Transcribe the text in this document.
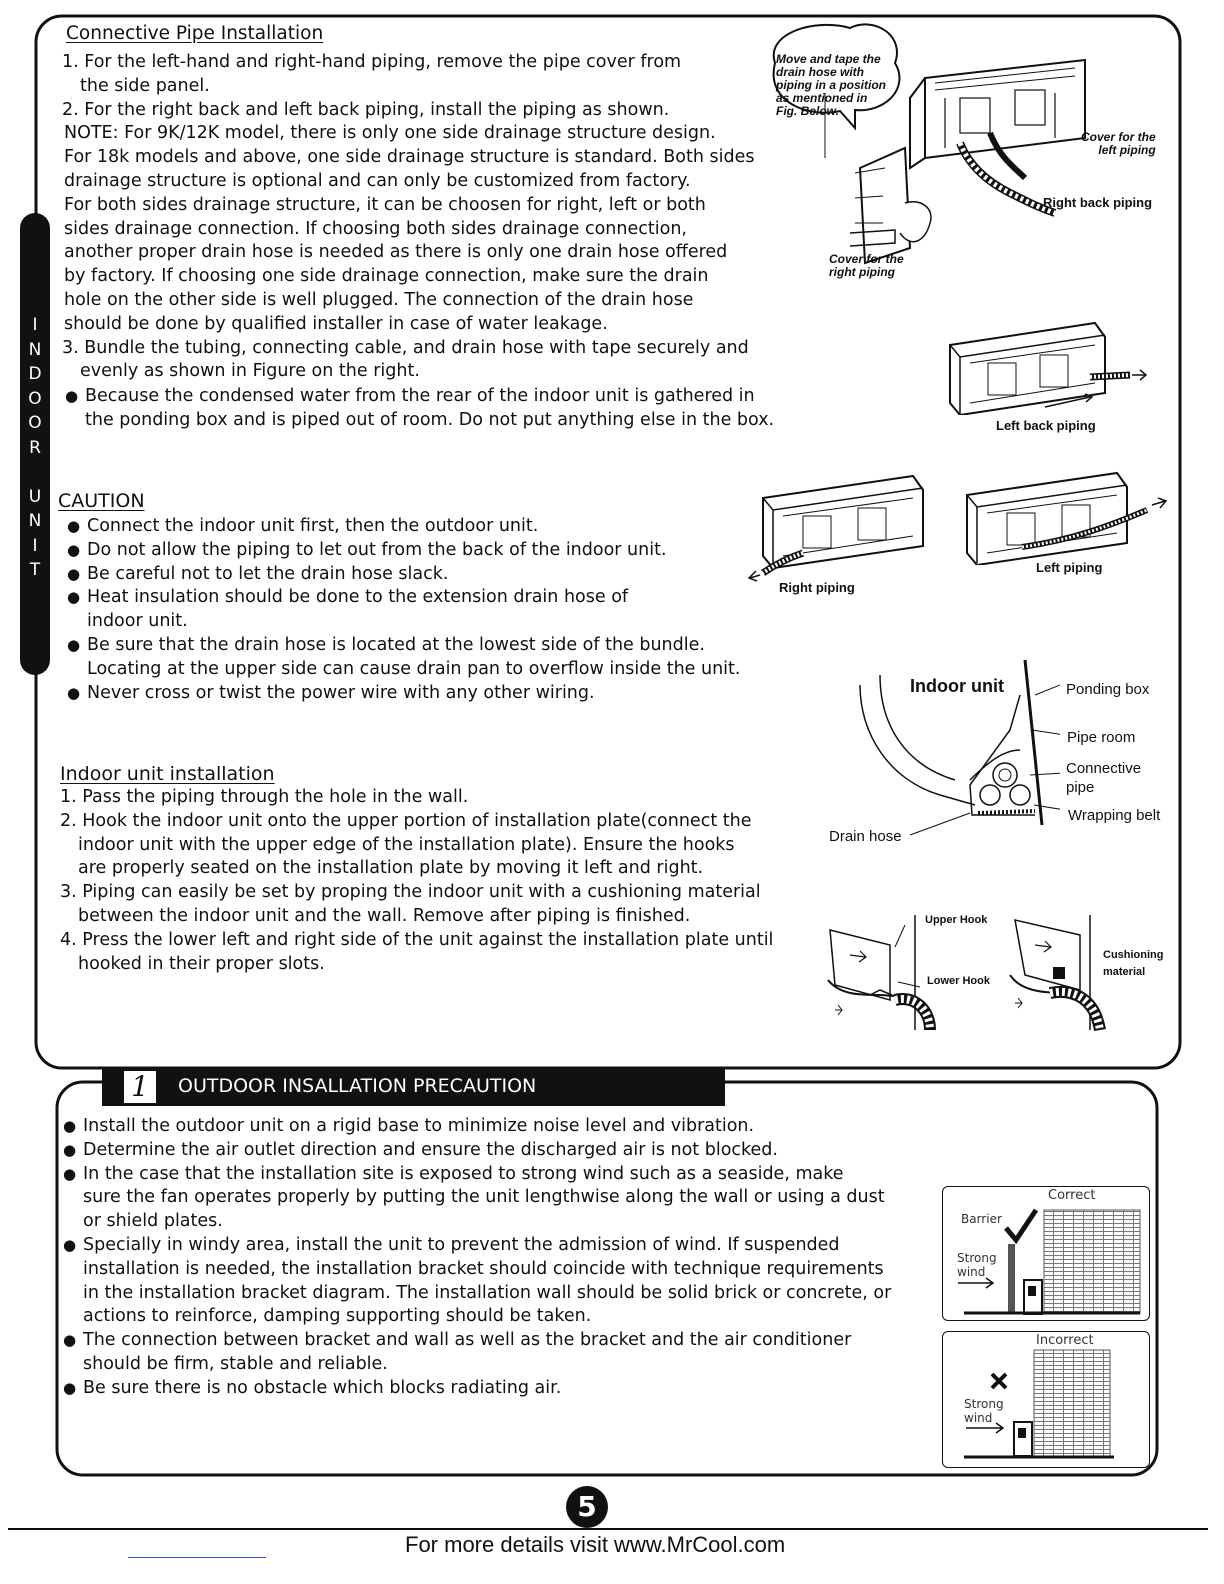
I
N
D
O
O
R
U
N
I
T
Connective Pipe Installation
1. For the left-hand and right-hand piping, remove the pipe cover from
the side panel.
2. For the right back and left back piping, install the piping as shown.
NOTE: For 9K/12K model, there is only one side drainage structure design.
For 18k models and above, one side drainage structure is standard. Both sides
drainage structure is optional and can only be customized from factory.
For both sides drainage structure, it can be choosen for right, left or both
sides drainage connection. If choosing both sides drainage connection,
another proper drain hose is needed as there is only one drain hose offered
by factory. If choosing one side drainage connection, make sure the drain
hole on the other side is well plugged. The connection of the drain hose
should be done by qualified installer in case of water leakage.
3. Bundle the tubing, connecting cable, and drain hose with tape securely and
evenly as shown in Figure on the right.
● Because the condensed water from the rear of the indoor unit is gathered in
the ponding box and is piped out of room. Do not put anything else in the box.
CAUTION
● Connect the indoor unit first, then the outdoor unit.
● Do not allow the piping to let out from the back of the indoor unit.
● Be careful not to let the drain hose slack.
● Heat insulation should be done to the extension drain hose of
indoor unit.
● Be sure that the drain hose is located at the lowest side of the bundle.
Locating at the upper side can cause drain pan to overflow inside the unit.
● Never cross or twist the power wire with any other wiring.
Indoor unit installation
1. Pass the piping through the hole in the wall.
2. Hook the indoor unit onto the upper portion of installation plate(connect the
indoor unit with the upper edge of the installation plate). Ensure the hooks
are properly seated on the installation plate by moving it left and right.
3. Piping can easily be set by proping the indoor unit with a cushioning material
between the indoor unit and the wall. Remove after piping is finished.
4. Press the lower left and right side of the unit against the installation plate until
hooked in their proper slots.
Move and tape the
drain hose with
piping in a position
as mentioned in
Fig. Below.
Cover for the
left piping
Right back piping
Cover for the
right piping
Left back piping
Right piping
Left piping
Indoor unit	Ponding box
Pipe room
Connective
pipe
Wrapping belt
Drain hose
Upper Hook
Lower Hook
Cushioning
material
1	OUTDOOR INSALLATION PRECAUTION
● Install the outdoor unit on a rigid base to minimize noise level and vibration.
● Determine the air outlet direction and ensure the discharged air is not blocked.
● In the case that the installation site is exposed to strong wind such as a seaside, make
sure the fan operates properly by putting the unit lengthwise along the wall or using a dust
or shield plates.
● Specially in windy area, install the unit to prevent the admission of wind. If suspended
installation is needed, the installation bracket should coincide with technique requirements
in the installation bracket diagram. The installation wall should be solid brick or concrete, or
actions to reinforce, damping supporting should be taken.
● The connection between bracket and wall as well as the bracket and the air conditioner
should be firm, stable and reliable.
● Be sure there is no obstacle which blocks radiating air.
Correct
Barrier
Strong
wind
Incorrect
Strong
wind
5
For more details visit www.MrCool.com
